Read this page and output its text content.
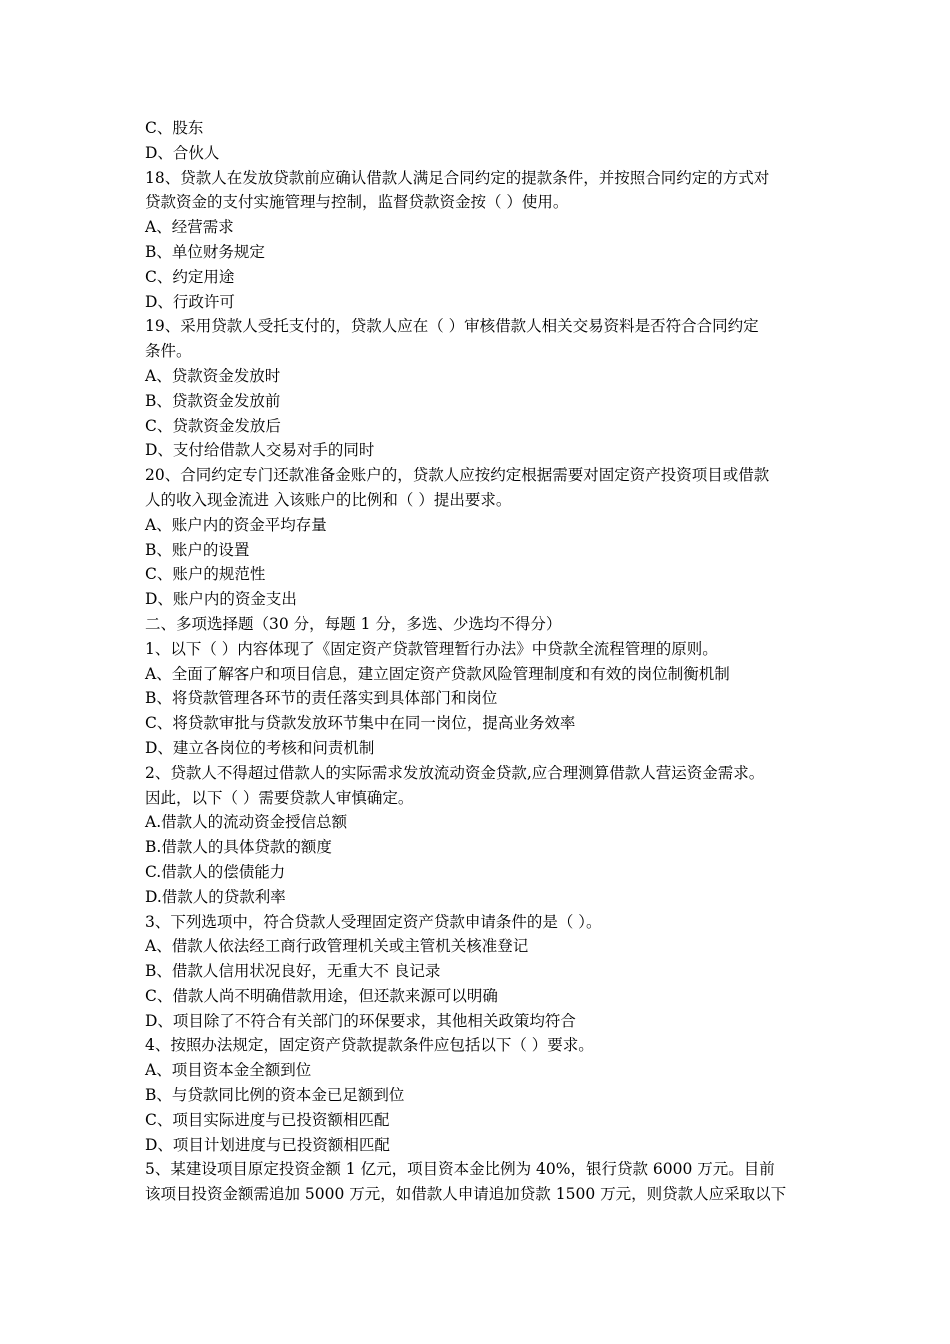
C、股东
D、合伙人
18、贷款人在发放贷款前应确认借款人满足合同约定的提款条件，并按照合同约定的方式对
贷款资金的支付实施管理与控制，监督贷款资金按（ ）使用。
A、经营需求
B、单位财务规定
C、约定用途
D、行政许可
19、采用贷款人受托支付的，贷款人应在（ ）审核借款人相关交易资料是否符合合同约定
条件。
A、贷款资金发放时
B、贷款资金发放前
C、贷款资金发放后
D、支付给借款人交易对手的同时
20、合同约定专门还款准备金账户的，贷款人应按约定根据需要对固定资产投资项目或借款
人的收入现金流进 入该账户的比例和（ ）提出要求。
A、账户内的资金平均存量
B、账户的设置
C、账户的规范性
D、账户内的资金支出
二、多项选择题（30 分，每题 1 分，多选、少选均不得分）
1、以下（ ）内容体现了《固定资产贷款管理暂行办法》中贷款全流程管理的原则。
A、全面了解客户和项目信息，建立固定资产贷款风险管理制度和有效的岗位制衡机制
B、将贷款管理各环节的责任落实到具体部门和岗位
C、将贷款审批与贷款发放环节集中在同一岗位，提高业务效率
D、建立各岗位的考核和问责机制
2、贷款人不得超过借款人的实际需求发放流动资金贷款,应合理测算借款人营运资金需求。
因此，以下（ ）需要贷款人审慎确定。
A.借款人的流动资金授信总额
B.借款人的具体贷款的额度
C.借款人的偿债能力
D.借款人的贷款利率
3、下列选项中，符合贷款人受理固定资产贷款申请条件的是（ ）。
A、借款人依法经工商行政管理机关或主管机关核准登记
B、借款人信用状况良好，无重大不 良记录
C、借款人尚不明确借款用途，但还款来源可以明确
D、项目除了不符合有关部门的环保要求，其他相关政策均符合
4、按照办法规定，固定资产贷款提款条件应包括以下（ ）要求。
A、项目资本金全额到位
B、与贷款同比例的资本金已足额到位
C、项目实际进度与已投资额相匹配
D、项目计划进度与已投资额相匹配
5、某建设项目原定投资金额 1 亿元，项目资本金比例为 40%，银行贷款 6000 万元。目前
该项目投资金额需追加 5000 万元，如借款人申请追加贷款 1500 万元，则贷款人应采取以下
